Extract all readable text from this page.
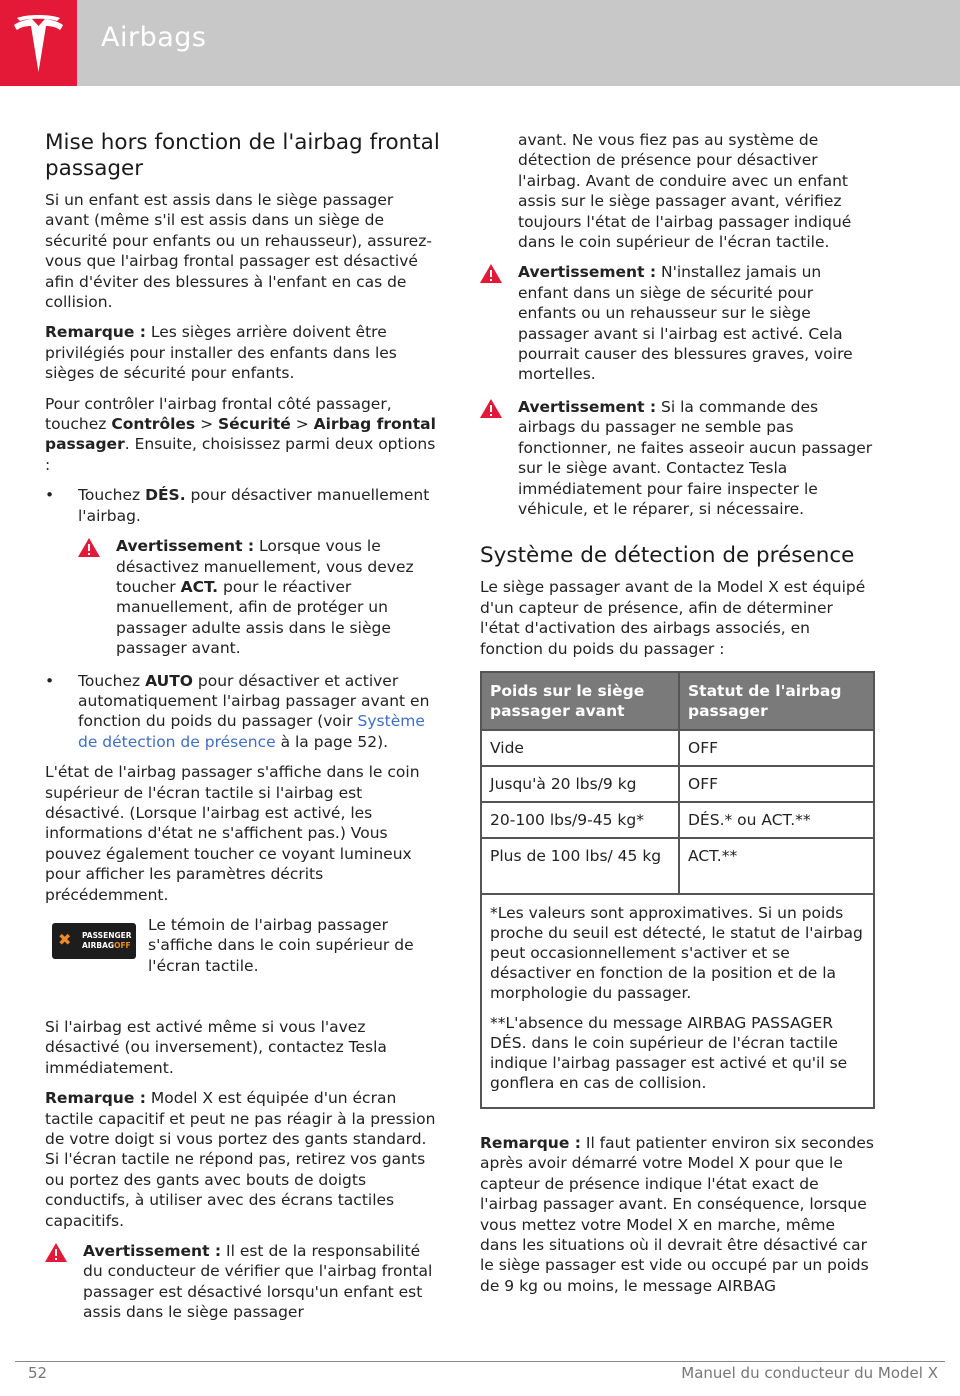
Airbags
Mise hors fonction de l'airbag frontal passager

Si un enfant est assis dans le siège passager avant (même s'il est assis dans un siège de sécurité pour enfants ou un rehausseur), assurez-vous que l'airbag frontal passager est désactivé afin d'éviter des blessures à l'enfant en cas de collision.

Remarque : Les sièges arrière doivent être privilégiés pour installer des enfants dans les sièges de sécurité pour enfants.

Pour contrôler l'airbag frontal côté passager, touchez Contrôles > Sécurité > Airbag frontal passager. Ensuite, choisissez parmi deux options :

• Touchez DÉS. pour désactiver manuellement l'airbag.
Avertissement : Lorsque vous le désactivez manuellement, vous devez toucher ACT. pour le réactiver manuellement, afin de protéger un passager adulte assis dans le siège passager avant.
• Touchez AUTO pour désactiver et activer automatiquement l'airbag passager avant en fonction du poids du passager (voir Système de détection de présence à la page 52).

L'état de l'airbag passager s'affiche dans le coin supérieur de l'écran tactile si l'airbag est désactivé. (Lorsque l'airbag est activé, les informations d'état ne s'affichent pas.) Vous pouvez également toucher ce voyant lumineux pour afficher les paramètres décrits précédemment.

✖ PASSENGER
AIRBAGOFF
Le témoin de l'airbag passager s'affiche dans le coin supérieur de l'écran tactile.

Si l'airbag est activé même si vous l'avez désactivé (ou inversement), contactez Tesla immédiatement.

Remarque : Model X est équipée d'un écran tactile capacitif et peut ne pas réagir à la pression de votre doigt si vous portez des gants standard. Si l'écran tactile ne répond pas, retirez vos gants ou portez des gants avec bouts de doigts conductifs, à utiliser avec des écrans tactiles capacitifs.

Avertissement : Il est de la responsabilité du conducteur de vérifier que l'airbag frontal passager est désactivé lorsqu'un enfant est assis dans le siège passager

avant. Ne vous fiez pas au système de détection de présence pour désactiver l'airbag. Avant de conduire avec un enfant assis sur le siège passager avant, vérifiez toujours l'état de l'airbag passager indiqué dans le coin supérieur de l'écran tactile.

Avertissement : N'installez jamais un enfant dans un siège de sécurité pour enfants ou un rehausseur sur le siège passager avant si l'airbag est activé. Cela pourrait causer des blessures graves, voire mortelles.
Avertissement : Si la commande des airbags du passager ne semble pas fonctionner, ne faites asseoir aucun passager sur le siège avant. Contactez Tesla immédiatement pour faire inspecter le véhicule, et le réparer, si nécessaire.
Système de détection de présence

Le siège passager avant de la Model X est équipé d'un capteur de présence, afin de déterminer l'état d'activation des airbags associés, en fonction du poids du passager :

Poids sur le siège passager avant	Statut de l'airbag passager
Vide	OFF
Jusqu'à 20 lbs/9 kg	OFF
20-100 lbs/9-45 kg*	DÉS.* ou ACT.**
Plus de 100 lbs/ 45 kg	ACT.**

*Les valeurs sont approximatives. Si un poids proche du seuil est détecté, le statut de l'airbag peut occasionnellement s'activer et se désactiver en fonction de la position et de la morphologie du passager.

**L'absence du message AIRBAG PASSAGER DÉS. dans le coin supérieur de l'écran tactile indique l'airbag passager est activé et qu'il se gonflera en cas de collision.	

Remarque : Il faut patienter environ six secondes après avoir démarré votre Model X pour que le capteur de présence indique l'état exact de l'airbag passager avant. En conséquence, lorsque vous mettez votre Model X en marche, même dans les situations où il devrait être désactivé car le siège passager est vide ou occupé par un poids de 9 kg ou moins, le message AIRBAG

52	Manuel du conducteur du Model X
